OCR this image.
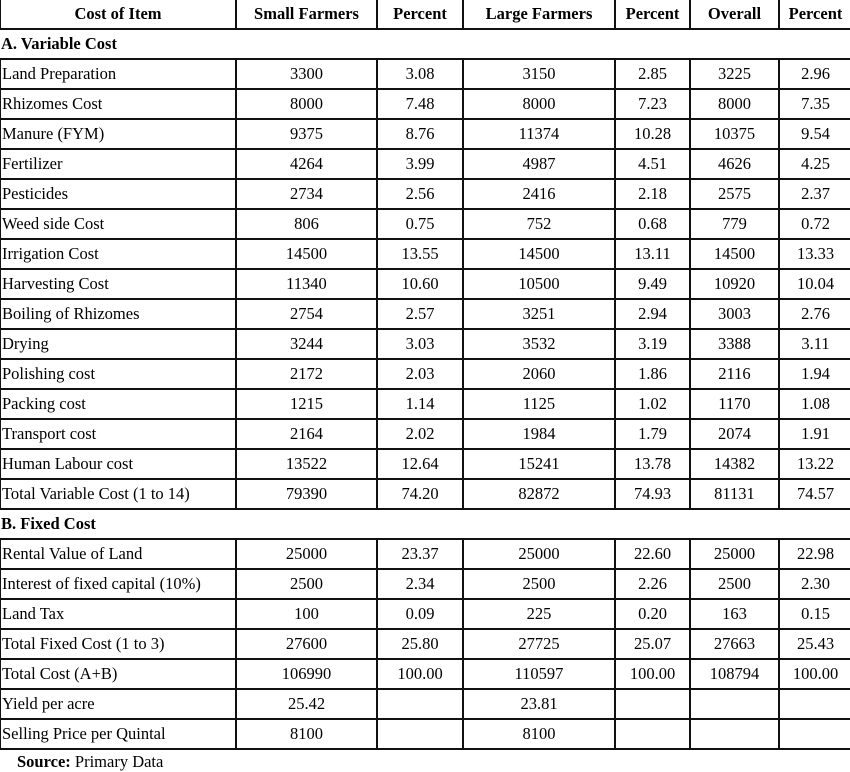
Cost of Item	Small Farmers	Percent	Large Farmers	Percent	Overall	Percent
A. Variable Cost						
Land Preparation	3300	3.08	3150	2.85	3225	2.96
Rhizomes Cost	8000	7.48	8000	7.23	8000	7.35
Manure (FYM)	9375	8.76	11374	10.28	10375	9.54
Fertilizer	4264	3.99	4987	4.51	4626	4.25
Pesticides	2734	2.56	2416	2.18	2575	2.37
Weed side Cost	806	0.75	752	0.68	779	0.72
Irrigation Cost	14500	13.55	14500	13.11	14500	13.33
Harvesting Cost	11340	10.60	10500	9.49	10920	10.04
Boiling of Rhizomes	2754	2.57	3251	2.94	3003	2.76
Drying	3244	3.03	3532	3.19	3388	3.11
Polishing cost	2172	2.03	2060	1.86	2116	1.94
Packing cost	1215	1.14	1125	1.02	1170	1.08
Transport cost	2164	2.02	1984	1.79	2074	1.91
Human Labour cost	13522	12.64	15241	13.78	14382	13.22
Total Variable Cost (1 to 14)	79390	74.20	82872	74.93	81131	74.57
B. Fixed Cost						
Rental Value of Land	25000	23.37	25000	22.60	25000	22.98
Interest of fixed capital (10%)	2500	2.34	2500	2.26	2500	2.30
Land Tax	100	0.09	225	0.20	163	0.15
Total Fixed Cost (1 to 3)	27600	25.80	27725	25.07	27663	25.43
Total Cost (A+B)	106990	100.00	110597	100.00	108794	100.00
Yield per acre	25.42		23.81			
Selling Price per Quintal	8100		8100			
Source: Primary Data
